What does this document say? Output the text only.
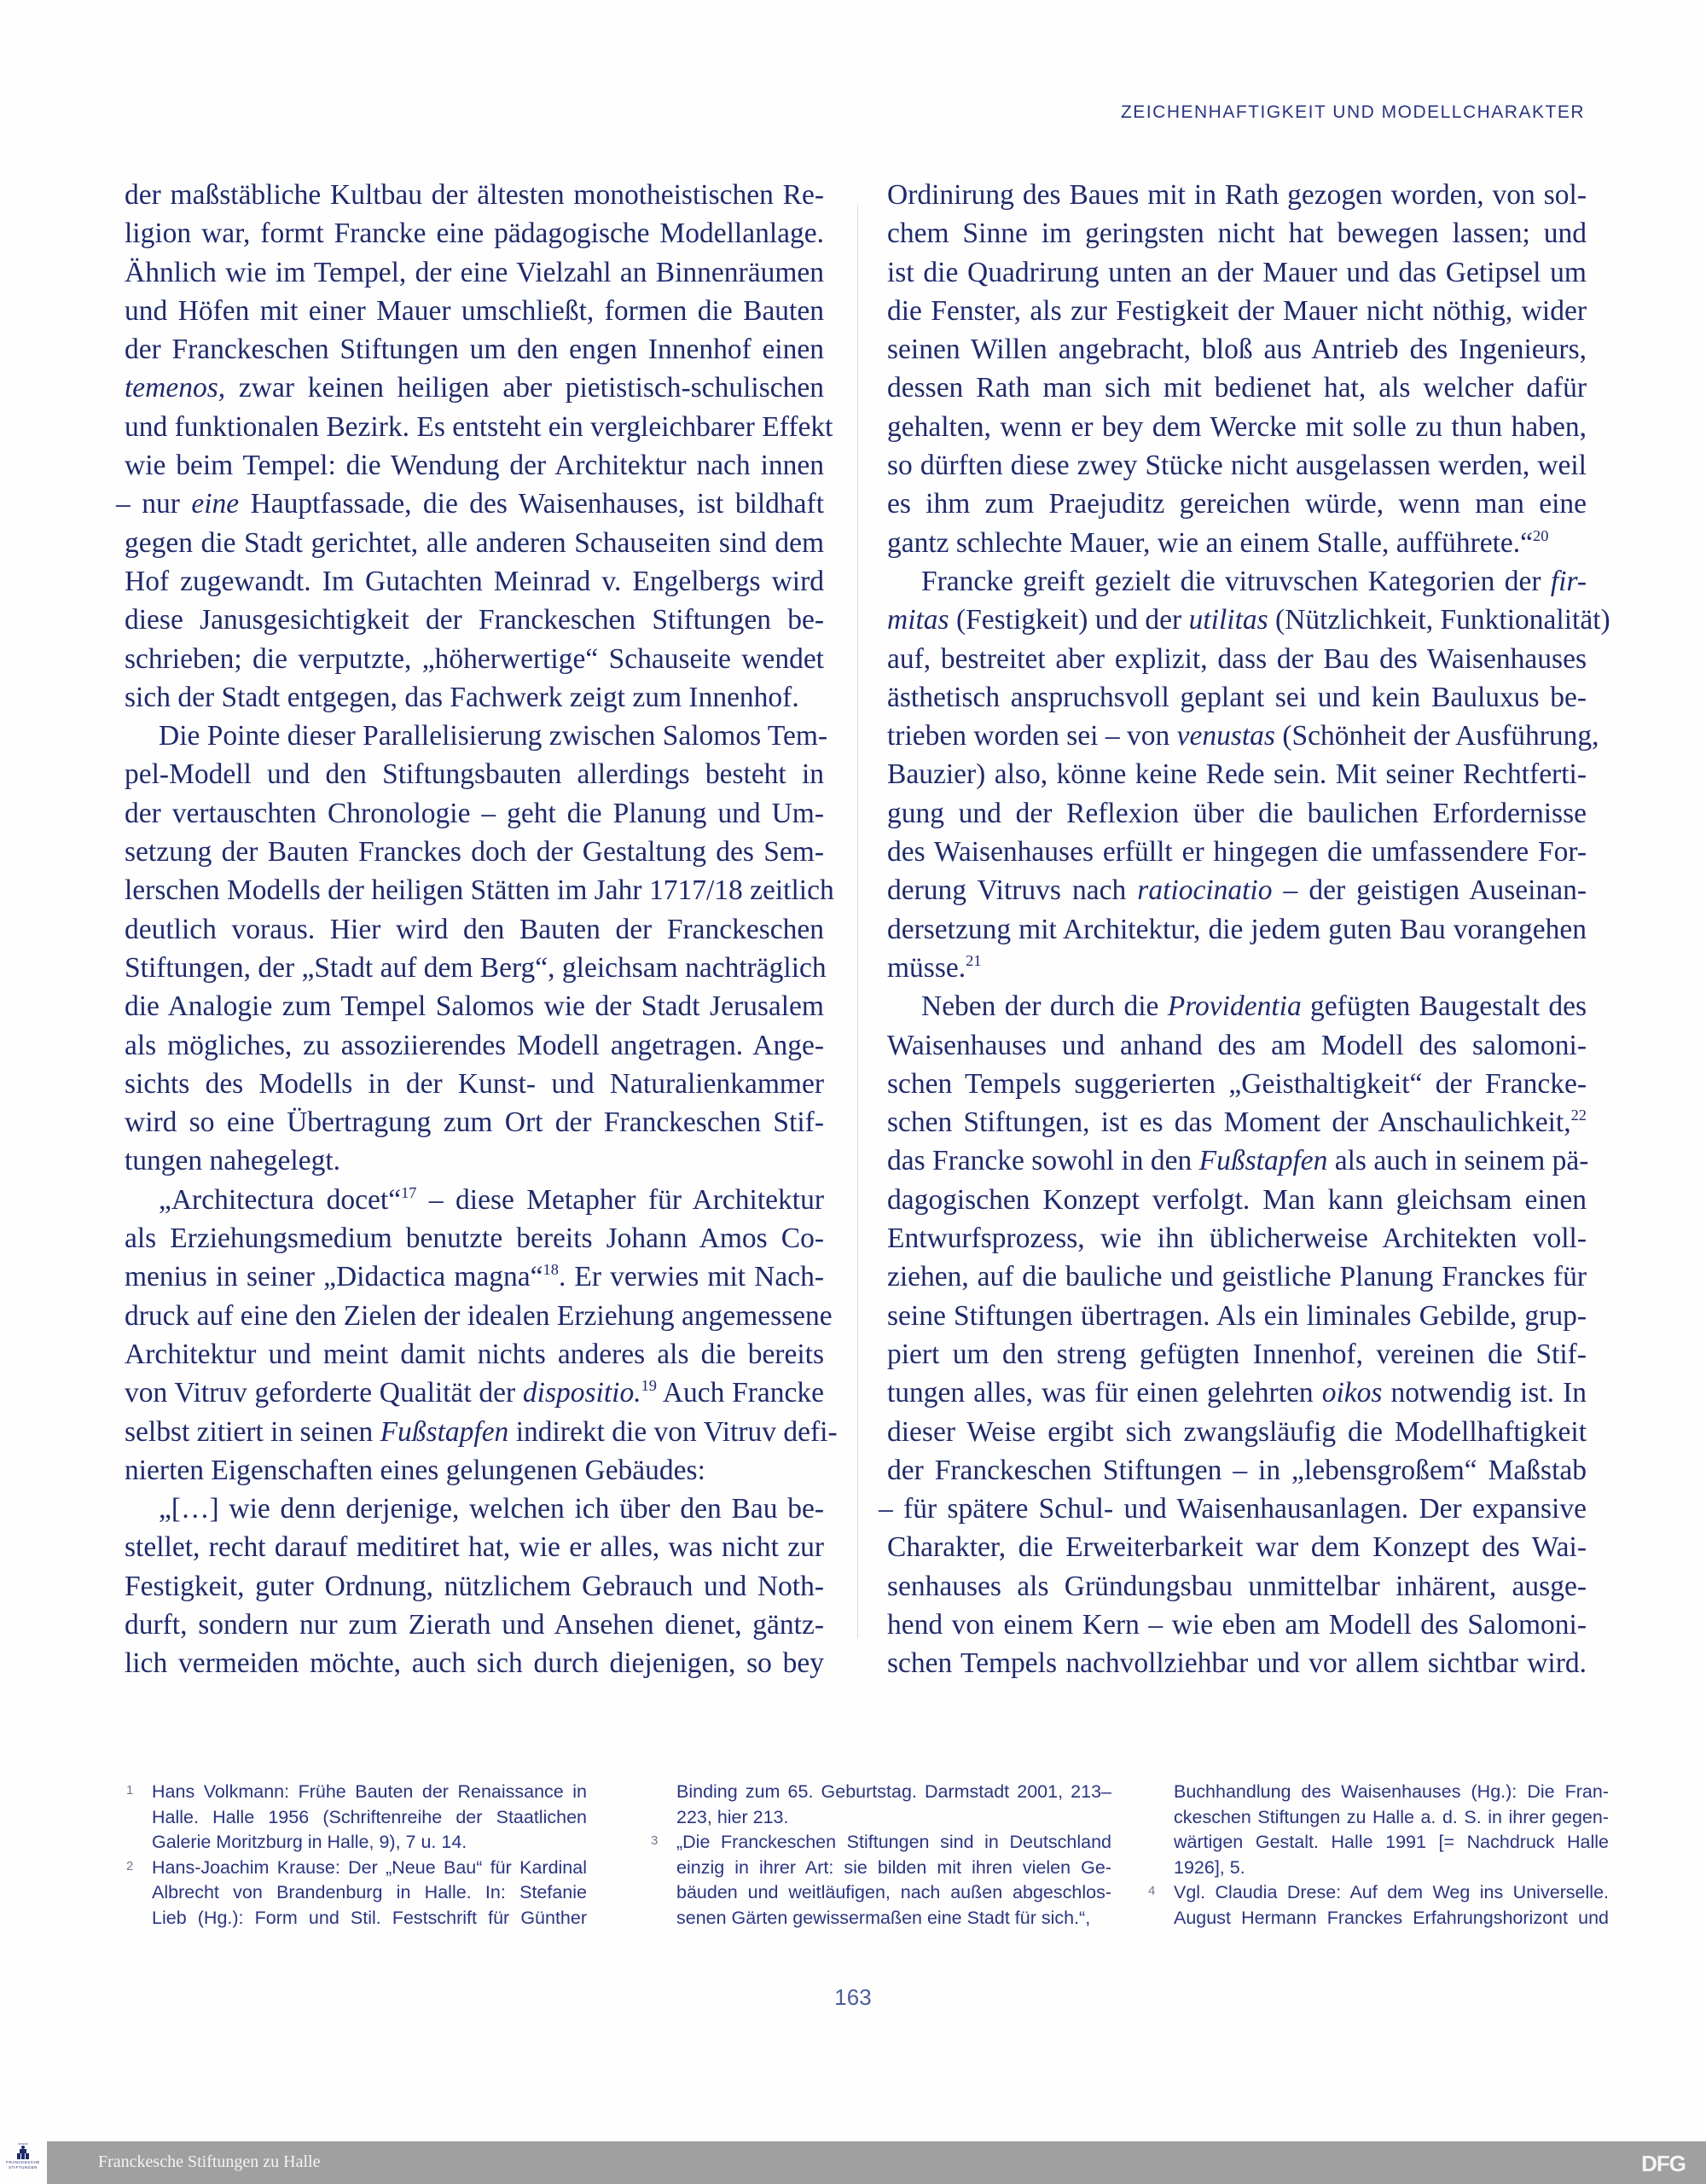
ZEICHENHAFTIGKEIT UND MODELLCHARAKTER
der maßstäbliche Kultbau der ältesten monotheistischen Re-
ligion war, formt Francke eine pädagogische Modellanlage.
Ähnlich wie im Tempel, der eine Vielzahl an Binnenräumen
und Höfen mit einer Mauer umschließt, formen die Bauten
der Franckeschen Stiftungen um den engen Innenhof einen
temenos, zwar keinen heiligen aber pietistisch-schulischen
und funktionalen Bezirk. Es entsteht ein vergleichbarer Effekt
wie beim Tempel: die Wendung der Architektur nach innen
– nur eine Hauptfassade, die des Waisenhauses, ist bildhaft
gegen die Stadt gerichtet, alle anderen Schauseiten sind dem
Hof zugewandt. Im Gutachten Meinrad v. Engelbergs wird
diese Janusgesichtigkeit der Franckeschen Stiftungen be-
schrieben; die verputzte, „höherwertige“ Schauseite wendet
sich der Stadt entgegen, das Fachwerk zeigt zum Innenhof.
Die Pointe dieser Parallelisierung zwischen Salomos Tem-
pel-Modell und den Stiftungsbauten allerdings besteht in
der vertauschten Chronologie – geht die Planung und Um-
setzung der Bauten Franckes doch der Gestaltung des Sem-
lerschen Modells der heiligen Stätten im Jahr 1717/18 zeitlich
deutlich voraus. Hier wird den Bauten der Franckeschen
Stiftungen, der „Stadt auf dem Berg“, gleichsam nachträglich
die Analogie zum Tempel Salomos wie der Stadt Jerusalem
als mögliches, zu assoziierendes Modell angetragen. Ange-
sichts des Modells in der Kunst- und Naturalienkammer
wird so eine Übertragung zum Ort der Franckeschen Stif-
tungen nahegelegt.
„Architectura docet“$^{17}$ – diese Metapher für Architektur
als Erziehungsmedium benutzte bereits Johann Amos Co-
menius in seiner „Didactica magna“$^{18}$. Er verwies mit Nach-
druck auf eine den Zielen der idealen Erziehung angemessene
Architektur und meint damit nichts anderes als die bereits
von Vitruv geforderte Qualität der dispositio.$^{19}$ Auch Francke
selbst zitiert in seinen Fußstapfen indirekt die von Vitruv defi-
nierten Eigenschaften eines gelungenen Gebäudes:
„[…] wie denn derjenige, welchen ich über den Bau be-
stellet, recht darauf meditiret hat, wie er alles, was nicht zur
Festigkeit, guter Ordnung, nützlichem Gebrauch und Noth-
durft, sondern nur zum Zierath und Ansehen dienet, gäntz-
lich vermeiden möchte, auch sich durch diejenigen, so bey
Ordinirung des Baues mit in Rath gezogen worden, von sol-
chem Sinne im geringsten nicht hat bewegen lassen; und
ist die Quadrirung unten an der Mauer und das Getipsel um
die Fenster, als zur Festigkeit der Mauer nicht nöthig, wider
seinen Willen angebracht, bloß aus Antrieb des Ingenieurs,
dessen Rath man sich mit bedienet hat, als welcher dafür
gehalten, wenn er bey dem Wercke mit solle zu thun haben,
so dürften diese zwey Stücke nicht ausgelassen werden, weil
es ihm zum Praejuditz gereichen würde, wenn man eine
gantz schlechte Mauer, wie an einem Stalle, aufführete.“$^{20}$
Francke greift gezielt die vitruvschen Kategorien der fir-
mitas (Festigkeit) und der utilitas (Nützlichkeit, Funktionalität)
auf, bestreitet aber explizit, dass der Bau des Waisenhauses
ästhetisch anspruchsvoll geplant sei und kein Bauluxus be-
trieben worden sei – von venustas (Schönheit der Ausführung,
Bauzier) also, könne keine Rede sein. Mit seiner Rechtferti-
gung und der Reflexion über die baulichen Erfordernisse
des Waisenhauses erfüllt er hingegen die umfassendere For-
derung Vitruvs nach ratiocinatio – der geistigen Auseinan-
dersetzung mit Architektur, die jedem guten Bau vorangehen
müsse.$^{21}$
Neben der durch die Providentia gefügten Baugestalt des
Waisenhauses und anhand des am Modell des salomoni-
schen Tempels suggerierten „Geisthaltigkeit“ der Francke-
schen Stiftungen, ist es das Moment der Anschaulichkeit,$^{22}$
das Francke sowohl in den Fußstapfen als auch in seinem pä-
dagogischen Konzept verfolgt. Man kann gleichsam einen
Entwurfsprozess, wie ihn üblicherweise Architekten voll-
ziehen, auf die bauliche und geistliche Planung Franckes für
seine Stiftungen übertragen. Als ein liminales Gebilde, grup-
piert um den streng gefügten Innenhof, vereinen die Stif-
tungen alles, was für einen gelehrten oikos notwendig ist. In
dieser Weise ergibt sich zwangsläufig die Modellhaftigkeit
der Franckeschen Stiftungen – in „lebensgroßem“ Maßstab
– für spätere Schul- und Waisenhausanlagen. Der expansive
Charakter, die Erweiterbarkeit war dem Konzept des Wai-
senhauses als Gründungsbau unmittelbar inhärent, ausge-
hend von einem Kern – wie eben am Modell des Salomoni-
schen Tempels nachvollziehbar und vor allem sichtbar wird.
1 Hans Volkmann: Frühe Bauten der Renaissance in
Halle. Halle 1956 (Schriftenreihe der Staatlichen
Galerie Moritzburg in Halle, 9), 7 u. 14.
2 Hans-Joachim Krause: Der „Neue Bau“ für Kardinal
Albrecht von Brandenburg in Halle. In: Stefanie
Lieb (Hg.): Form und Stil. Festschrift für Günther
Binding zum 65. Geburtstag. Darmstadt 2001, 213–
223, hier 213.
3 „Die Franckeschen Stiftungen sind in Deutschland
einzig in ihrer Art: sie bilden mit ihren vielen Ge-
bäuden und weitläufigen, nach außen abgeschlos-
senen Gärten gewissermaßen eine Stadt für sich.“,
Buchhandlung des Waisenhauses (Hg.): Die Fran-
ckeschen Stiftungen zu Halle a. d. S. in ihrer gegen-
wärtigen Gestalt. Halle 1991 [= Nachdruck Halle
1926], 5.
4 Vgl. Claudia Drese: Auf dem Weg ins Universelle.
August Hermann Franckes Erfahrungshorizont und
163
FRANCKESCHE
STIFTUNGEN	Franckesche Stiftungen zu Halle	DFG
